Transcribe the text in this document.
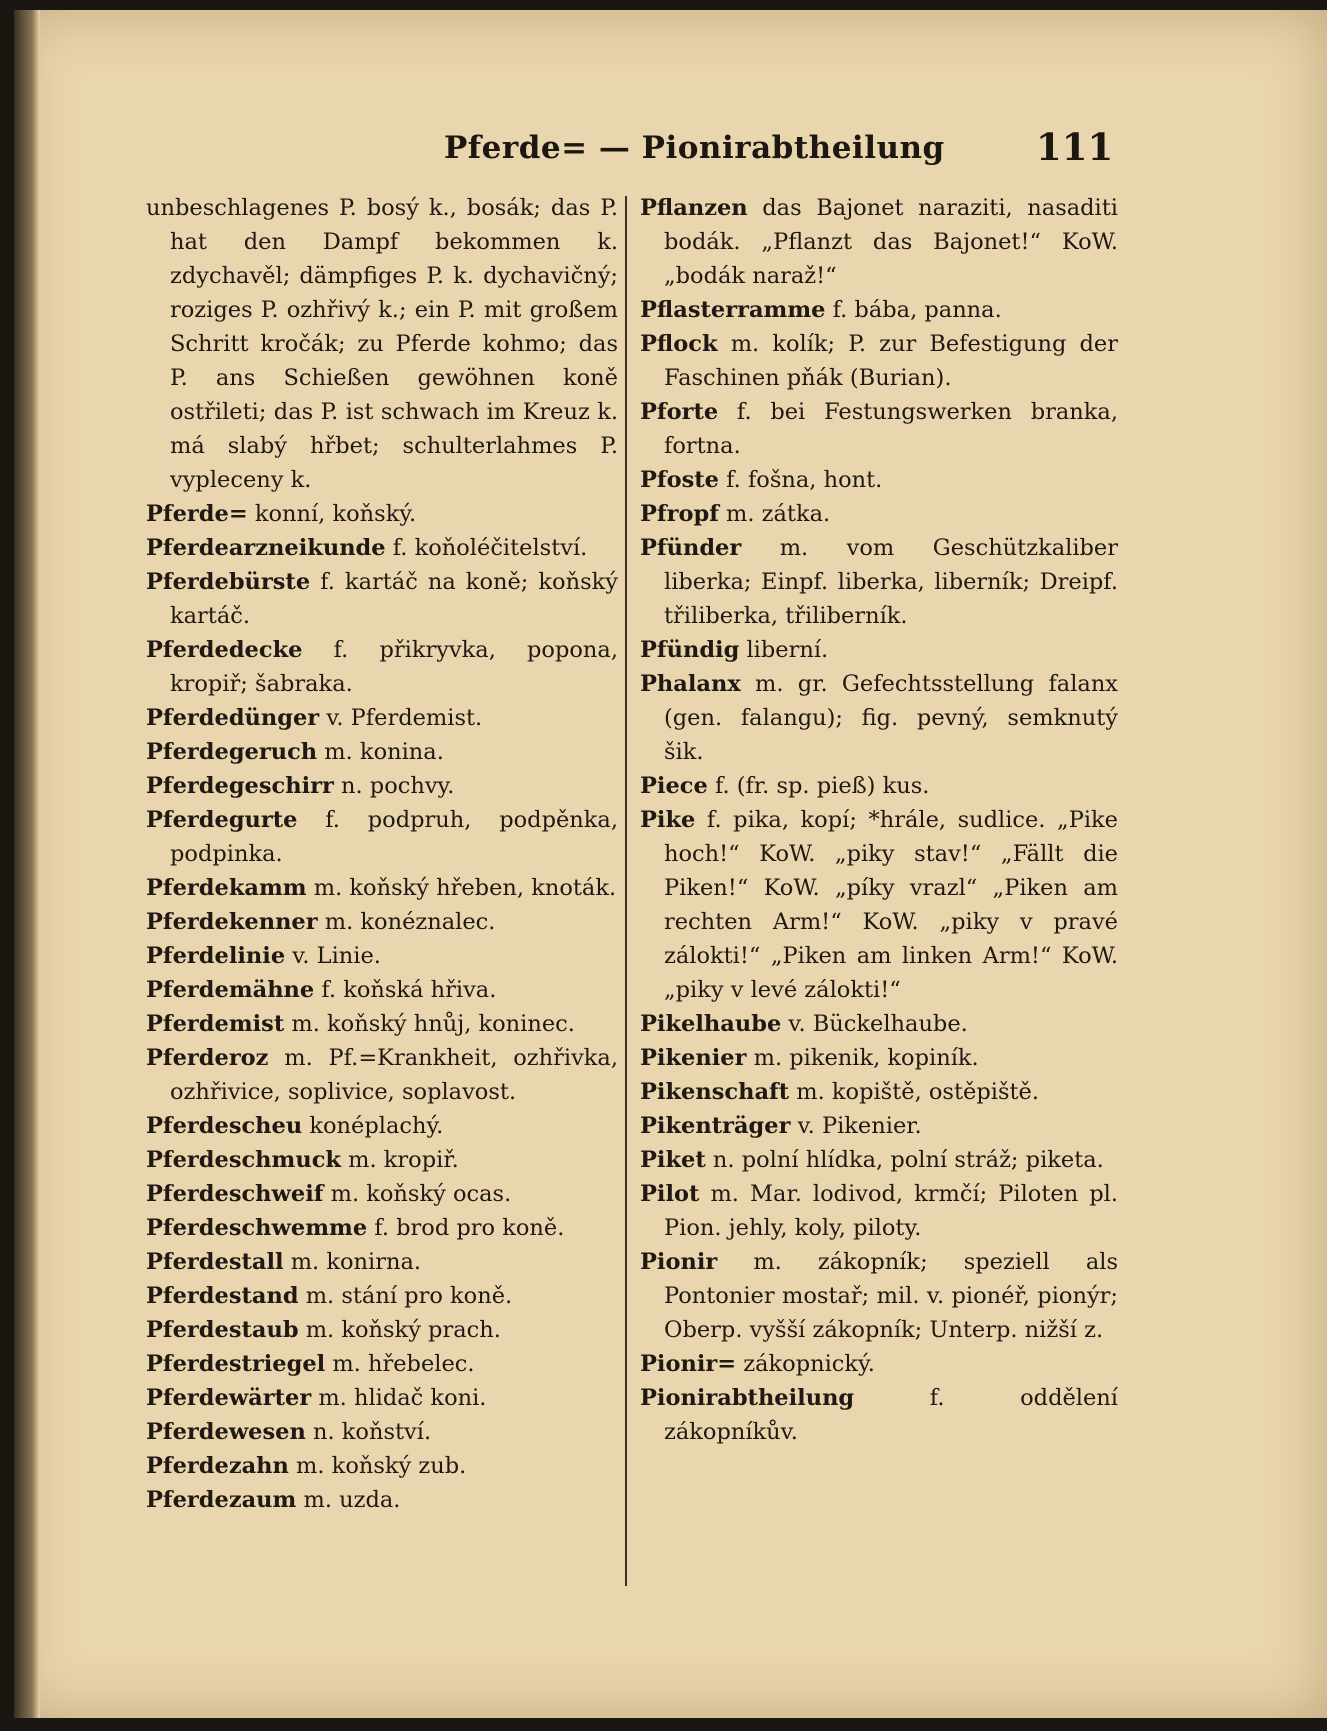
Pferde= — Pionirabtheilung 111

unbeschlagenes P. bosý k., bosák; das P. hat den Dampf bekommen k. zdychavěl; dämpfiges P. k. dychavičný; roziges P. ozhřivý k.; ein P. mit großem Schritt kročák; zu Pferde kohmo; das P. ans Schießen gewöhnen koně ostřileti; das P. ist schwach im Kreuz k. má slabý hřbet; schulterlahmes P. vypleceny k.

Pferde= konní, koňský.

Pferdearzneikunde f. koňoléčitelství.

Pferdebürste f. kartáč na koně; koňský kartáč.

Pferdedecke f. přikryvka, popona, kropiř; šabraka.

Pferdedünger v. Pferdemist.

Pferdegeruch m. konina.

Pferdegeschirr n. pochvy.

Pferdegurte f. podpruh, podpěnka, podpinka.

Pferdekamm m. koňský hřeben, knoták.

Pferdekenner m. konéznalec.

Pferdelinie v. Linie.

Pferdemähne f. koňská hřiva.

Pferdemist m. koňský hnůj, koninec.

Pferderoz m. Pf.=Krankheit, ozhřivka, ozhřivice, soplivice, soplavost.

Pferdescheu konéplachý.

Pferdeschmuck m. kropiř.

Pferdeschweif m. koňský ocas.

Pferdeschwemme f. brod pro koně.

Pferdestall m. konirna.

Pferdestand m. stání pro koně.

Pferdestaub m. koňský prach.

Pferdestriegel m. hřebelec.

Pferdewärter m. hlidač koni.

Pferdewesen n. koňství.

Pferdezahn m. koňský zub.

Pferdezaum m. uzda.

Pflanzen das Bajonet naraziti, nasaditi bodák. „Pflanzt das Bajonet!“ KoW. „bodák naraž!“

Pflasterramme f. bába, panna.

Pflock m. kolík; P. zur Befestigung der Faschinen pňák (Burian).

Pforte f. bei Festungswerken branka, fortna.

Pfoste f. fošna, hont.

Pfropf m. zátka.

Pfünder m. vom Geschützkaliber liberka; Einpf. liberka, liberník; Dreipf. třiliberka, třiliberník.

Pfündig liberní.

Phalanx m. gr. Gefechtsstellung falanx (gen. falangu); fig. pevný, semknutý šik.

Piece f. (fr. sp. pieß) kus.

Pike f. pika, kopí; *hrále, sudlice. „Pike hoch!“ KoW. „piky stav!“ „Fällt die Piken!“ KoW. „píky vrazl“ „Piken am rechten Arm!“ KoW. „piky v pravé zálokti!“ „Piken am linken Arm!“ KoW. „piky v levé zálokti!“

Pikelhaube v. Bückelhaube.

Pikenier m. pikenik, kopiník.

Pikenschaft m. kopiště, ostěpiště.

Pikenträger v. Pikenier.

Piket n. polní hlídka, polní stráž; piketa.

Pilot m. Mar. lodivod, krmčí; Piloten pl. Pion. jehly, koly, piloty.

Pionir m. zákopník; speziell als Pontonier mostař; mil. v. pionéř, pionýr; Oberp. vyšší zákopník; Unterp. nižší z.

Pionir= zákopnický.

Pionirabtheilung f. oddělení zákopníkův.
